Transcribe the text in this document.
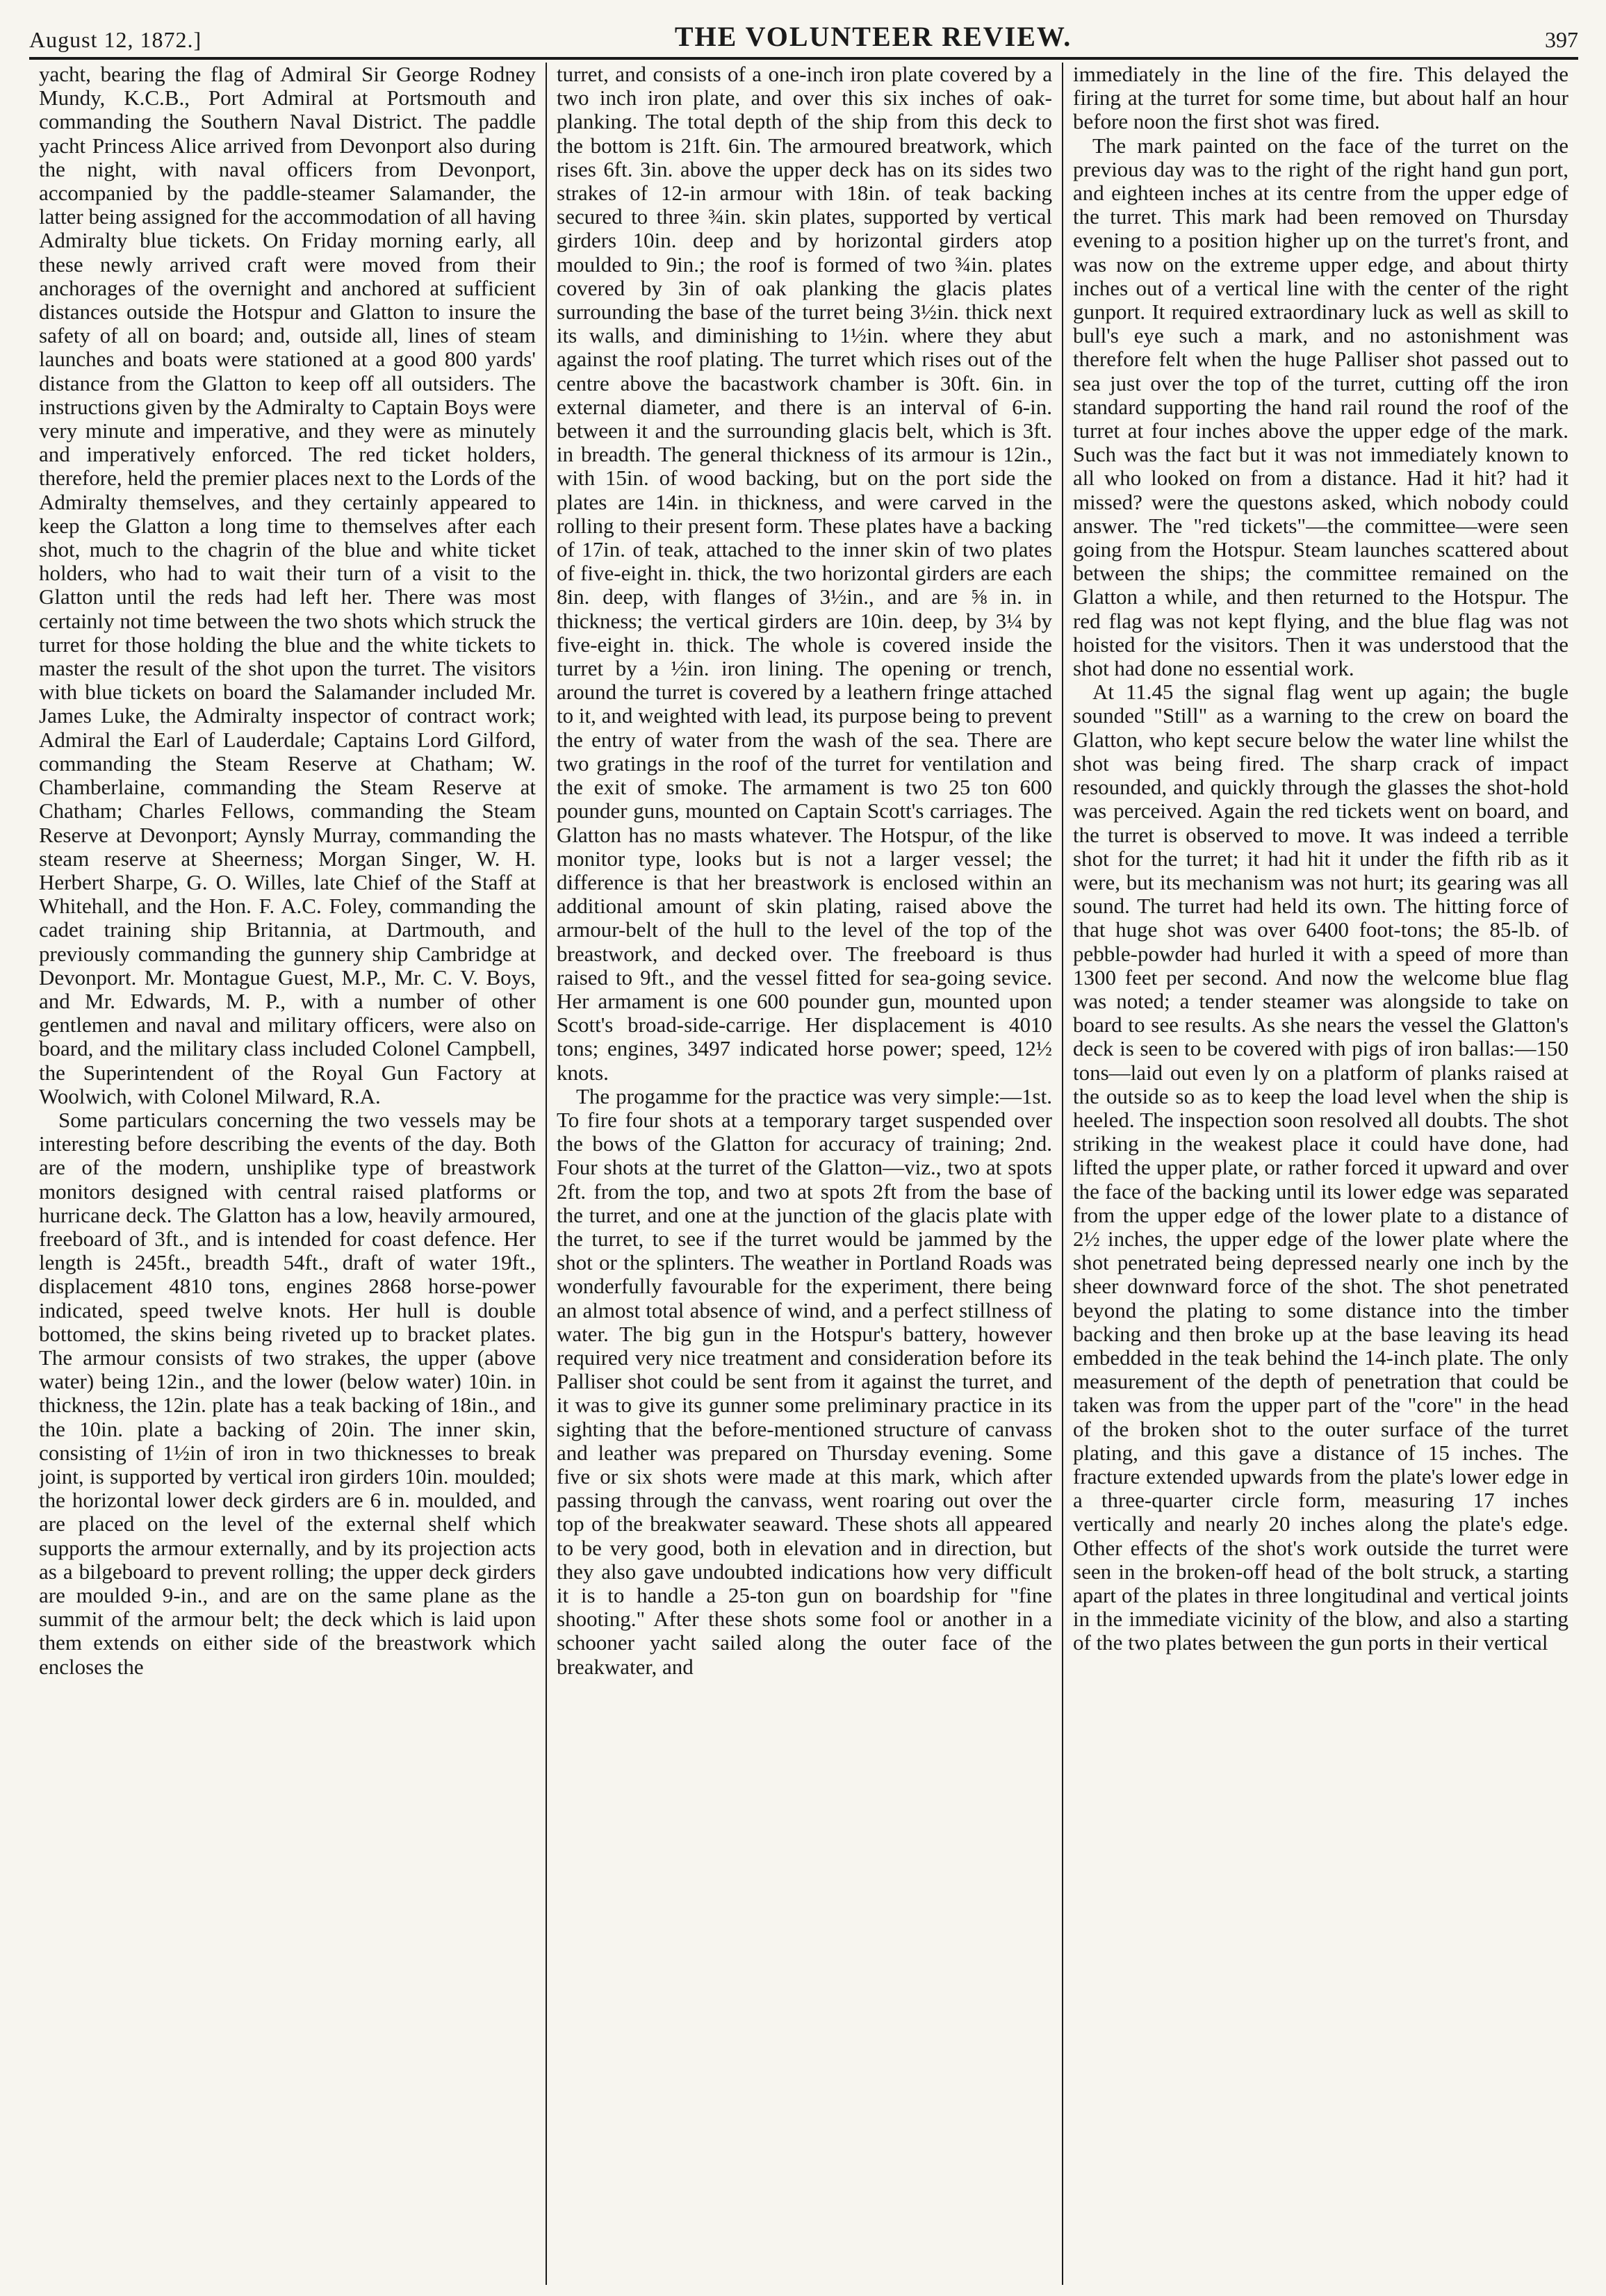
August 12, 1872.]	THE VOLUNTEER REVIEW.	397

yacht, bearing the flag of Admiral Sir George Rodney Mundy, K.C.B., Port Admiral at Portsmouth and commanding the Southern Naval District. The paddle yacht Princess Alice arrived from Devonport also during the night, with naval officers from Devonport, accompanied by the paddle-steamer Salamander, the latter being assigned for the accommodation of all having Admiralty blue tickets. On Friday morning early, all these newly arrived craft were moved from their anchorages of the overnight and anchored at sufficient distances outside the Hotspur and Glatton to insure the safety of all on board; and, outside all, lines of steam launches and boats were stationed at a good 800 yards' distance from the Glatton to keep off all outsiders. The instructions given by the Admiralty to Captain Boys were very minute and imperative, and they were as minutely and imperatively enforced. The red ticket holders, therefore, held the premier places next to the Lords of the Admiralty themselves, and they certainly appeared to keep the Glatton a long time to themselves after each shot, much to the chagrin of the blue and white ticket holders, who had to wait their turn of a visit to the Glatton until the reds had left her. There was most certainly not time between the two shots which struck the turret for those holding the blue and the white tickets to master the result of the shot upon the turret. The visitors with blue tickets on board the Salamander included Mr. James Luke, the Admiralty inspector of contract work; Admiral the Earl of Lauderdale; Captains Lord Gilford, commanding the Steam Reserve at Chatham; W. Chamberlaine, commanding the Steam Reserve at Chatham; Charles Fellows, commanding the Steam Reserve at Devonport; Aynsly Murray, commanding the steam reserve at Sheerness; Morgan Singer, W. H. Herbert Sharpe, G. O. Willes, late Chief of the Staff at Whitehall, and the Hon. F. A.C. Foley, commanding the cadet training ship Britannia, at Dartmouth, and previously commanding the gunnery ship Cambridge at Devonport. Mr. Montague Guest, M.P., Mr. C. V. Boys, and Mr. Edwards, M. P., with a number of other gentlemen and naval and military officers, were also on board, and the military class included Colonel Campbell, the Superintendent of the Royal Gun Factory at Woolwich, with Colonel Milward, R.A.

Some particulars concerning the two vessels may be interesting before describing the events of the day. Both are of the modern, unshiplike type of breastwork monitors designed with central raised platforms or hurricane deck. The Glatton has a low, heavily armoured, freeboard of 3ft., and is intended for coast defence. Her length is 245ft., breadth 54ft., draft of water 19ft., displacement 4810 tons, engines 2868 horse-power indicated, speed twelve knots. Her hull is double bottomed, the skins being riveted up to bracket plates. The armour consists of two strakes, the upper (above water) being 12in., and the lower (below water) 10in. in thickness, the 12in. plate has a teak backing of 18in., and the 10in. plate a backing of 20in. The inner skin, consisting of 1½in of iron in two thicknesses to break joint, is supported by vertical iron girders 10in. moulded; the horizontal lower deck girders are 6 in. moulded, and are placed on the level of the external shelf which supports the armour externally, and by its projection acts as a bilgeboard to prevent rolling; the upper deck girders are moulded 9-in., and are on the same plane as the summit of the armour belt; the deck which is laid upon them extends on either side of the breastwork which encloses the

turret, and consists of a one-inch iron plate covered by a two inch iron plate, and over this six inches of oak-planking. The total depth of the ship from this deck to the bottom is 21ft. 6in. The armoured breatwork, which rises 6ft. 3in. above the upper deck has on its sides two strakes of 12-in armour with 18in. of teak backing secured to three ¾in. skin plates, supported by vertical girders 10in. deep and by horizontal girders atop moulded to 9in.; the roof is formed of two ¾in. plates covered by 3in of oak planking the glacis plates surrounding the base of the turret being 3½in. thick next its walls, and diminishing to 1½in. where they abut against the roof plating. The turret which rises out of the centre above the bacastwork chamber is 30ft. 6in. in external diameter, and there is an interval of 6-in. between it and the surrounding glacis belt, which is 3ft. in breadth. The general thickness of its armour is 12in., with 15in. of wood backing, but on the port side the plates are 14in. in thickness, and were carved in the rolling to their present form. These plates have a backing of 17in. of teak, attached to the inner skin of two plates of five-eight in. thick, the two horizontal girders are each 8in. deep, with flanges of 3½in., and are ⅝ in. in thickness; the vertical girders are 10in. deep, by 3¼ by five-eight in. thick. The whole is covered inside the turret by a ½in. iron lining. The opening or trench, around the turret is covered by a leathern fringe attached to it, and weighted with lead, its purpose being to prevent the entry of water from the wash of the sea. There are two gratings in the roof of the turret for ventilation and the exit of smoke. The armament is two 25 ton 600 pounder guns, mounted on Captain Scott's carriages. The Glatton has no masts whatever. The Hotspur, of the like monitor type, looks but is not a larger vessel; the difference is that her breastwork is enclosed within an additional amount of skin plating, raised above the armour-belt of the hull to the level of the top of the breastwork, and decked over. The freeboard is thus raised to 9ft., and the vessel fitted for sea-going sevice. Her armament is one 600 pounder gun, mounted upon Scott's broad-side-carrige. Her displacement is 4010 tons; engines, 3497 indicated horse power; speed, 12½ knots.

The progamme for the practice was very simple:—1st. To fire four shots at a temporary target suspended over the bows of the Glatton for accuracy of training; 2nd. Four shots at the turret of the Glatton—viz., two at spots 2ft. from the top, and two at spots 2ft from the base of the turret, and one at the junction of the glacis plate with the turret, to see if the turret would be jammed by the shot or the splinters. The weather in Portland Roads was wonderfully favourable for the experiment, there being an almost total absence of wind, and a perfect stillness of water. The big gun in the Hotspur's battery, however required very nice treatment and consideration before its Palliser shot could be sent from it against the turret, and it was to give its gunner some preliminary practice in its sighting that the before-mentioned structure of canvass and leather was prepared on Thursday evening. Some five or six shots were made at this mark, which after passing through the canvass, went roaring out over the top of the breakwater seaward. These shots all appeared to be very good, both in elevation and in direction, but they also gave undoubted indications how very difficult it is to handle a 25-ton gun on boardship for "fine shooting." After these shots some fool or another in a schooner yacht sailed along the outer face of the breakwater, and

immediately in the line of the fire. This delayed the firing at the turret for some time, but about half an hour before noon the first shot was fired.

The mark painted on the face of the turret on the previous day was to the right of the right hand gun port, and eighteen inches at its centre from the upper edge of the turret. This mark had been removed on Thursday evening to a position higher up on the turret's front, and was now on the extreme upper edge, and about thirty inches out of a vertical line with the center of the right gunport. It required extraordinary luck as well as skill to bull's eye such a mark, and no astonishment was therefore felt when the huge Palliser shot passed out to sea just over the top of the turret, cutting off the iron standard supporting the hand rail round the roof of the turret at four inches above the upper edge of the mark. Such was the fact but it was not immediately known to all who looked on from a distance. Had it hit? had it missed? were the questons asked, which nobody could answer. The "red tickets"—the committee—were seen going from the Hotspur. Steam launches scattered about between the ships; the committee remained on the Glatton a while, and then returned to the Hotspur. The red flag was not kept flying, and the blue flag was not hoisted for the visitors. Then it was understood that the shot had done no essential work.

At 11.45 the signal flag went up again; the bugle sounded "Still" as a warning to the crew on board the Glatton, who kept secure below the water line whilst the shot was being fired. The sharp crack of impact resounded, and quickly through the glasses the shot-hold was perceived. Again the red tickets went on board, and the turret is observed to move. It was indeed a terrible shot for the turret; it had hit it under the fifth rib as it were, but its mechanism was not hurt; its gearing was all sound. The turret had held its own. The hitting force of that huge shot was over 6400 foot-tons; the 85-lb. of pebble-powder had hurled it with a speed of more than 1300 feet per second. And now the welcome blue flag was noted; a tender steamer was alongside to take on board to see results. As she nears the vessel the Glatton's deck is seen to be covered with pigs of iron ballas:—150 tons—laid out even ly on a platform of planks raised at the outside so as to keep the load level when the ship is heeled. The inspection soon resolved all doubts. The shot striking in the weakest place it could have done, had lifted the upper plate, or rather forced it upward and over the face of the backing until its lower edge was separated from the upper edge of the lower plate to a distance of 2½ inches, the upper edge of the lower plate where the shot penetrated being depressed nearly one inch by the sheer downward force of the shot. The shot penetrated beyond the plating to some distance into the timber backing and then broke up at the base leaving its head embedded in the teak behind the 14-inch plate. The only measurement of the depth of penetration that could be taken was from the upper part of the "core" in the head of the broken shot to the outer surface of the turret plating, and this gave a distance of 15 inches. The fracture extended upwards from the plate's lower edge in a three-quarter circle form, measuring 17 inches vertically and nearly 20 inches along the plate's edge. Other effects of the shot's work outside the turret were seen in the broken-off head of the bolt struck, a starting apart of the plates in three longitudinal and vertical joints in the immediate vicinity of the blow, and also a starting of the two plates between the gun ports in their vertical
